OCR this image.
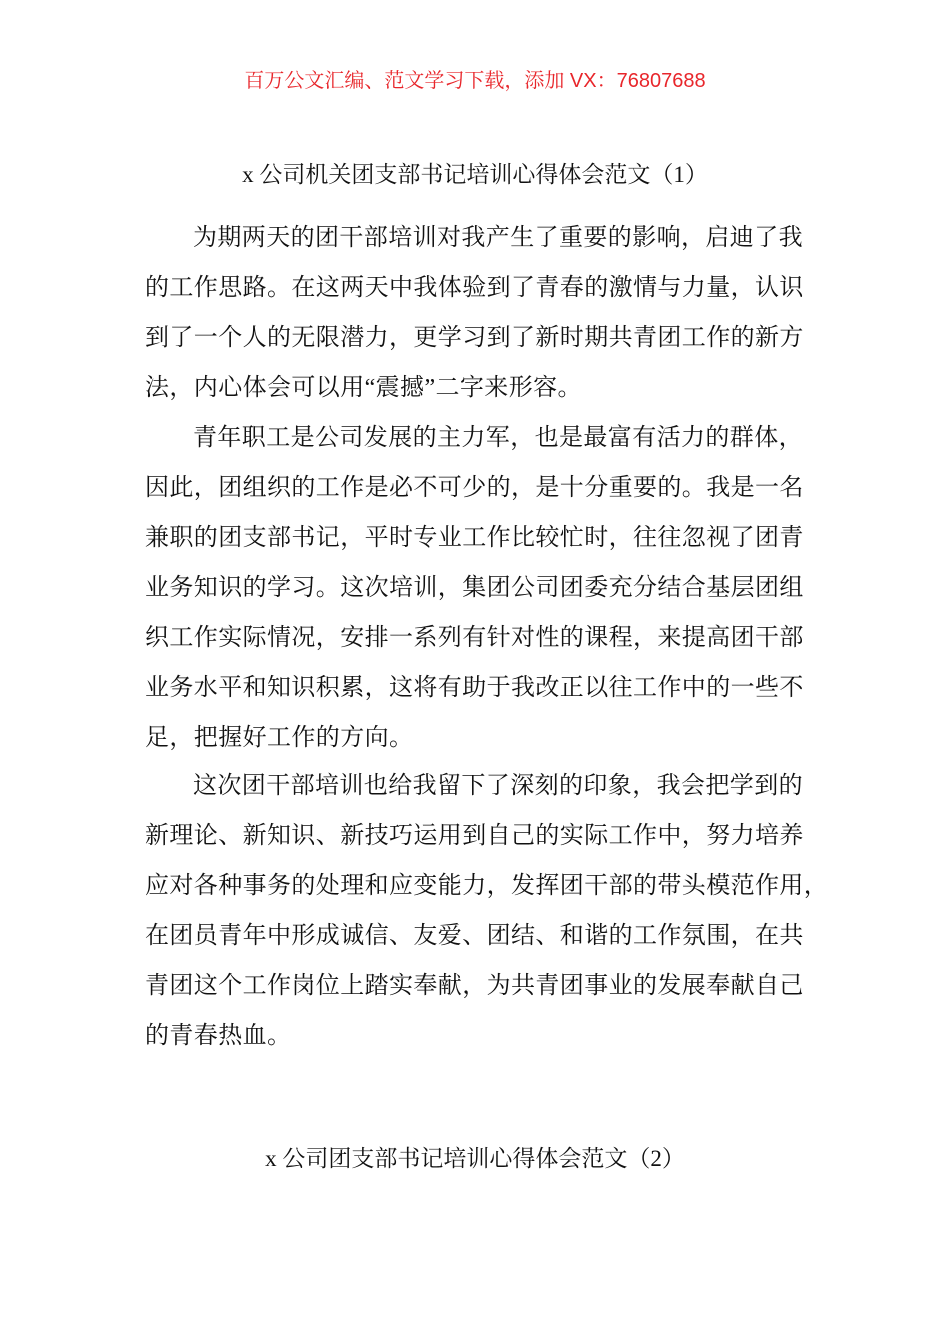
百万公文汇编、范文学习下载，添加 VX：76807688
x 公司机关团支部书记培训心得体会范文（1）
为期两天的团干部培训对我产生了重要的影响，启迪了我
的工作思路。在这两天中我体验到了青春的激情与力量，认识
到了一个人的无限潜力，更学习到了新时期共青团工作的新方
法，内心体会可以用“震撼”二字来形容。
青年职工是公司发展的主力军，也是最富有活力的群体，
因此，团组织的工作是必不可少的，是十分重要的。我是一名
兼职的团支部书记，平时专业工作比较忙时，往往忽视了团青
业务知识的学习。这次培训，集团公司团委充分结合基层团组
织工作实际情况，安排一系列有针对性的课程，来提高团干部
业务水平和知识积累，这将有助于我改正以往工作中的一些不
足，把握好工作的方向。
这次团干部培训也给我留下了深刻的印象，我会把学到的
新理论、新知识、新技巧运用到自己的实际工作中，努力培养
应对各种事务的处理和应变能力，发挥团干部的带头模范作用，
在团员青年中形成诚信、友爱、团结、和谐的工作氛围，在共
青团这个工作岗位上踏实奉献，为共青团事业的发展奉献自己
的青春热血。
x 公司团支部书记培训心得体会范文（2）
